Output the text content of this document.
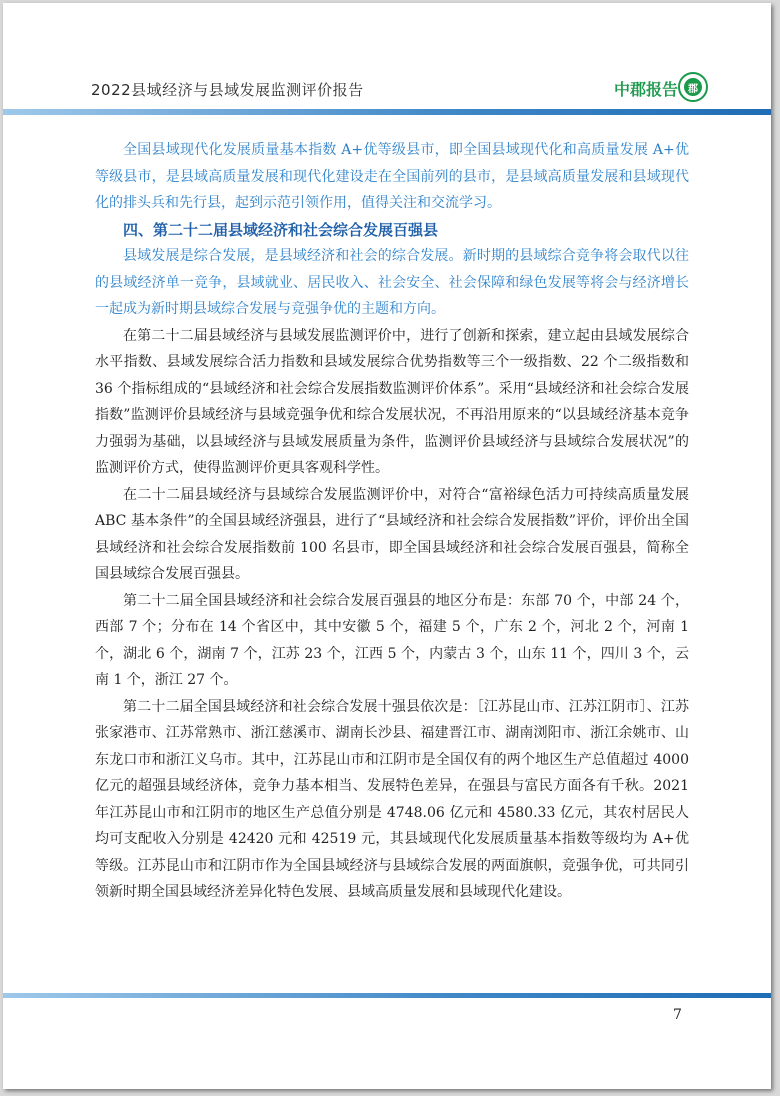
2022县域经济与县域发展监测评价报告	中郡报告 郡

全国县域现代化发展质量基本指数 A+优等级县市，即全国县域现代化和高质量发展 A+优等级县市，是县域高质量发展和现代化建设走在全国前列的县市，是县域高质量发展和县域现代化的排头兵和先行县，起到示范引领作用，值得关注和交流学习。

四、第二十二届县域经济和社会综合发展百强县

县域发展是综合发展，是县域经济和社会的综合发展。新时期的县域综合竞争将会取代以往的县域经济单一竞争，县域就业、居民收入、社会安全、社会保障和绿色发展等将会与经济增长一起成为新时期县域综合发展与竞强争优的主题和方向。

在第二十二届县域经济与县域发展监测评价中，进行了创新和探索，建立起由县域发展综合水平指数、县域发展综合活力指数和县域发展综合优势指数等三个一级指数、22 个二级指数和 36 个指标组成的“县域经济和社会综合发展指数监测评价体系”。采用“县域经济和社会综合发展指数”监测评价县域经济与县域竞强争优和综合发展状况，不再沿用原来的“以县域经济基本竞争力强弱为基础，以县域经济与县域发展质量为条件，监测评价县域经济与县域综合发展状况”的监测评价方式，使得监测评价更具客观科学性。

在二十二届县域经济与县域综合发展监测评价中，对符合“富裕绿色活力可持续高质量发展 ABC 基本条件”的全国县域经济强县，进行了“县域经济和社会综合发展指数”评价，评价出全国县域经济和社会综合发展指数前 100 名县市，即全国县域经济和社会综合发展百强县，简称全国县域综合发展百强县。

第二十二届全国县域经济和社会综合发展百强县的地区分布是：东部 70 个，中部 24 个，西部 7 个；分布在 14 个省区中，其中安徽 5 个，福建 5 个，广东 2 个，河北 2 个，河南 1 个，湖北 6 个，湖南 7 个，江苏 23 个，江西 5 个，内蒙古 3 个，山东 11 个，四川 3 个，云南 1 个，浙江 27 个。

第二十二届全国县域经济和社会综合发展十强县依次是：［江苏昆山市、江苏江阴市］、江苏张家港市、江苏常熟市、浙江慈溪市、湖南长沙县、福建晋江市、湖南浏阳市、浙江余姚市、山东龙口市和浙江义乌市。其中，江苏昆山市和江阴市是全国仅有的两个地区生产总值超过 4000 亿元的超强县域经济体，竞争力基本相当、发展特色差异，在强县与富民方面各有千秋。2021 年江苏昆山市和江阴市的地区生产总值分别是 4748.06 亿元和 4580.33 亿元，其农村居民人均可支配收入分别是 42420 元和 42519 元，其县域现代化发展质量基本指数等级均为 A+优等级。江苏昆山市和江阴市作为全国县域经济与县域综合发展的两面旗帜，竞强争优，可共同引领新时期全国县域经济差异化特色发展、县域高质量发展和县域现代化建设。

7
